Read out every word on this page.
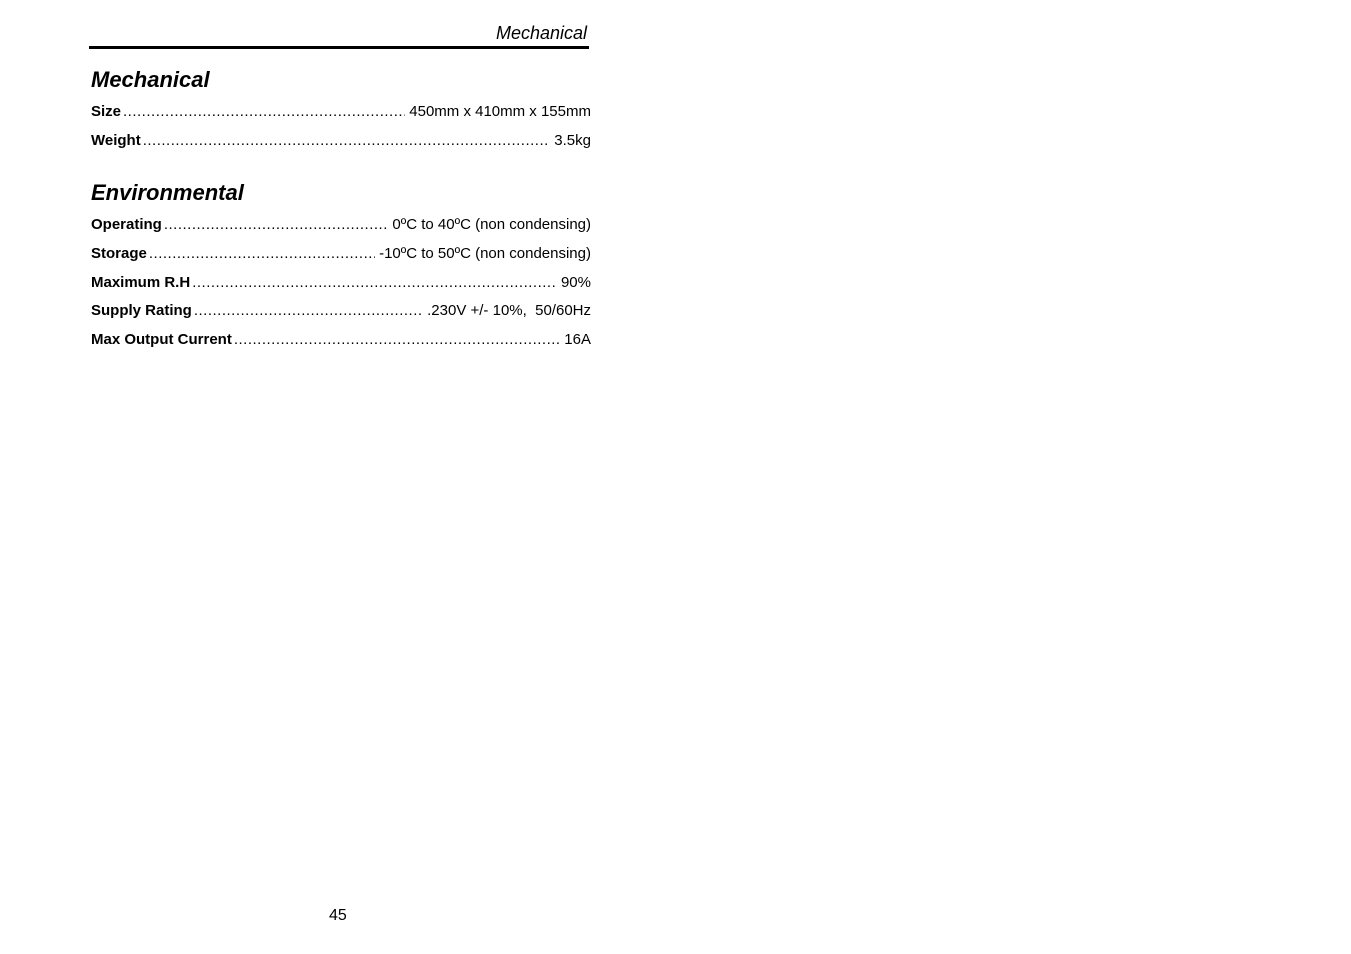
Mechanical
Mechanical
Size .....	450mm x 410mm x 155mm
Weight .....	3.5kg
Environmental
Operating .....	0ºC to 40ºC (non condensing)
Storage .....	-10ºC to 50ºC (non condensing)
Maximum R.H .....	90%
Supply Rating .....	.230V +/- 10%,  50/60Hz
Max Output Current .....	16A
45
